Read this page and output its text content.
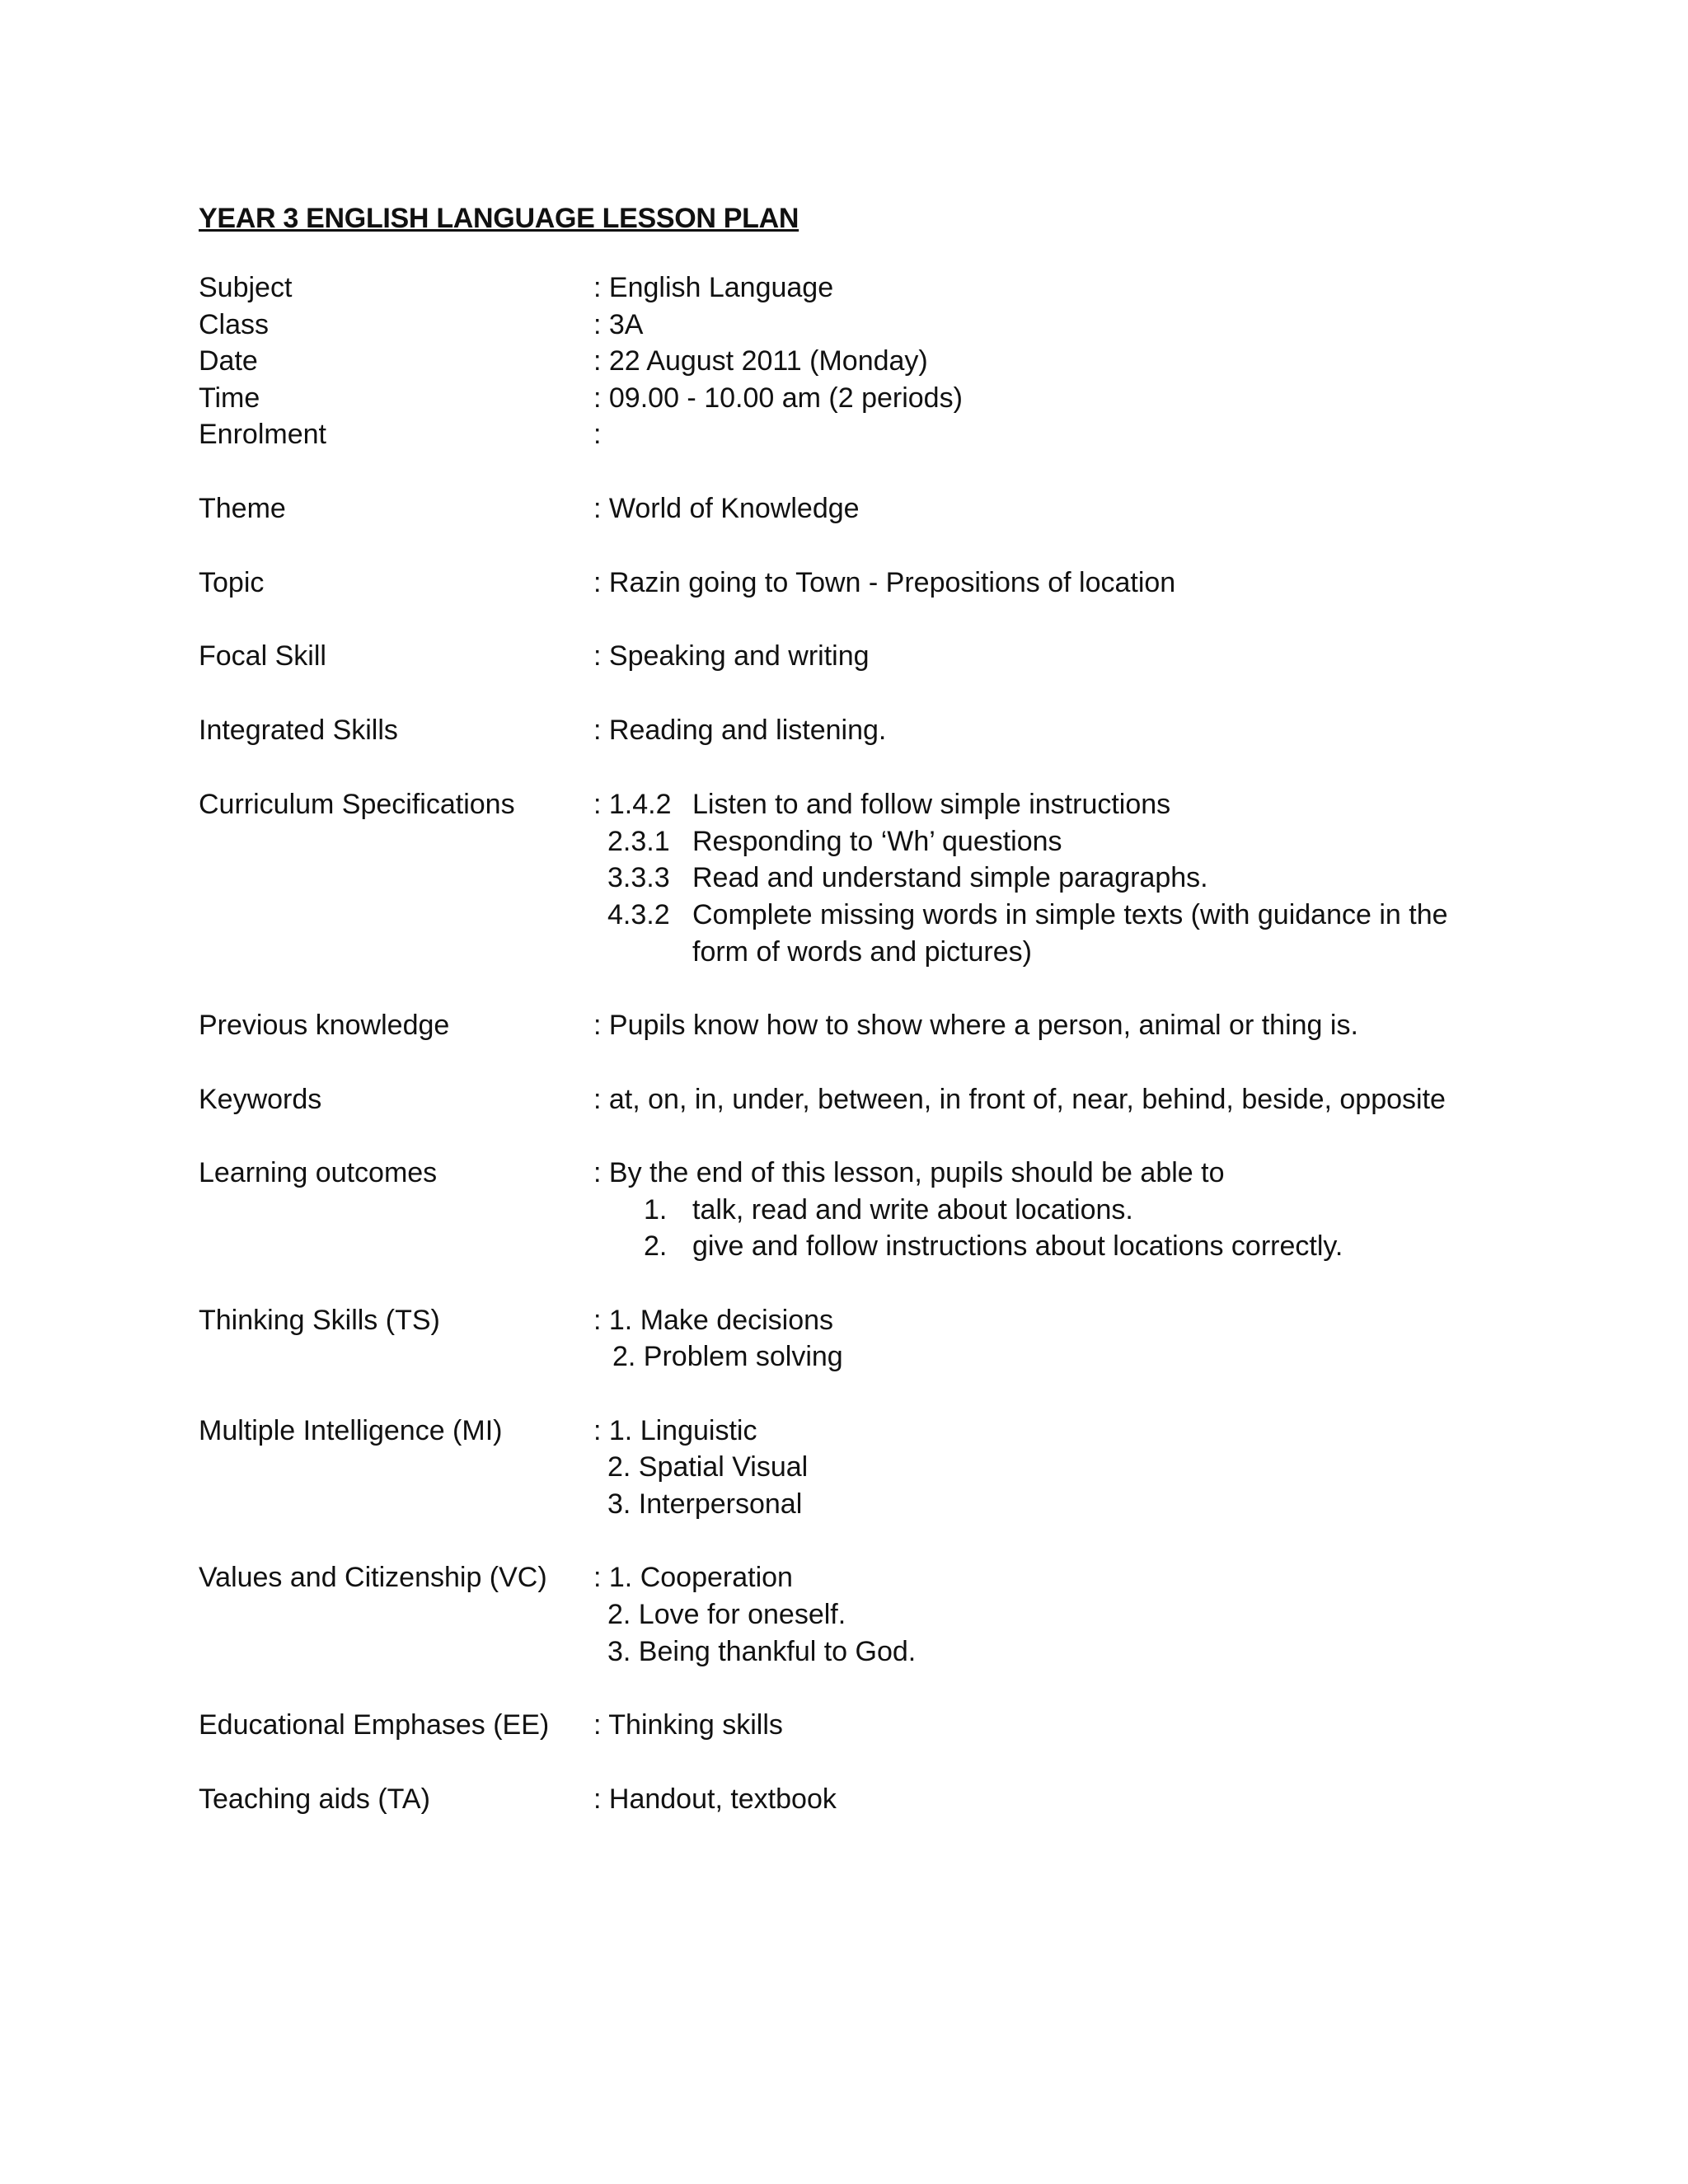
YEAR 3 ENGLISH LANGUAGE LESSON PLAN
Subject	: English Language
Class	: 3A
Date	: 22 August 2011 (Monday)
Time	: 09.00 - 10.00 am (2 periods)
Enrolment	:
Theme	: World of Knowledge
Topic	: Razin going to Town - Prepositions of location
Focal Skill	: Speaking and writing
Integrated Skills	: Reading and listening.
Curriculum Specifications	: 1.4.2 Listen to and follow simple instructions
2.3.1 Responding to ‘Wh’ questions
3.3.3 Read and understand simple paragraphs.
4.3.2 Complete missing words in simple texts (with guidance in the
form of words and pictures)
Previous knowledge	: Pupils know how to show where a person, animal or thing is.
Keywords	: at, on, in, under, between, in front of, near, behind, beside, opposite
Learning outcomes	: By the end of this lesson, pupils should be able to
1. talk, read and write about locations.
2. give and follow instructions about locations correctly.
Thinking Skills (TS)	: 1. Make decisions
2. Problem solving
Multiple Intelligence (MI)	: 1. Linguistic
2. Spatial Visual
3. Interpersonal
Values and Citizenship (VC) : 1. Cooperation
2. Love for oneself.
3. Being thankful to God.
Educational Emphases (EE) : Thinking skills
Teaching aids (TA)	: Handout, textbook
